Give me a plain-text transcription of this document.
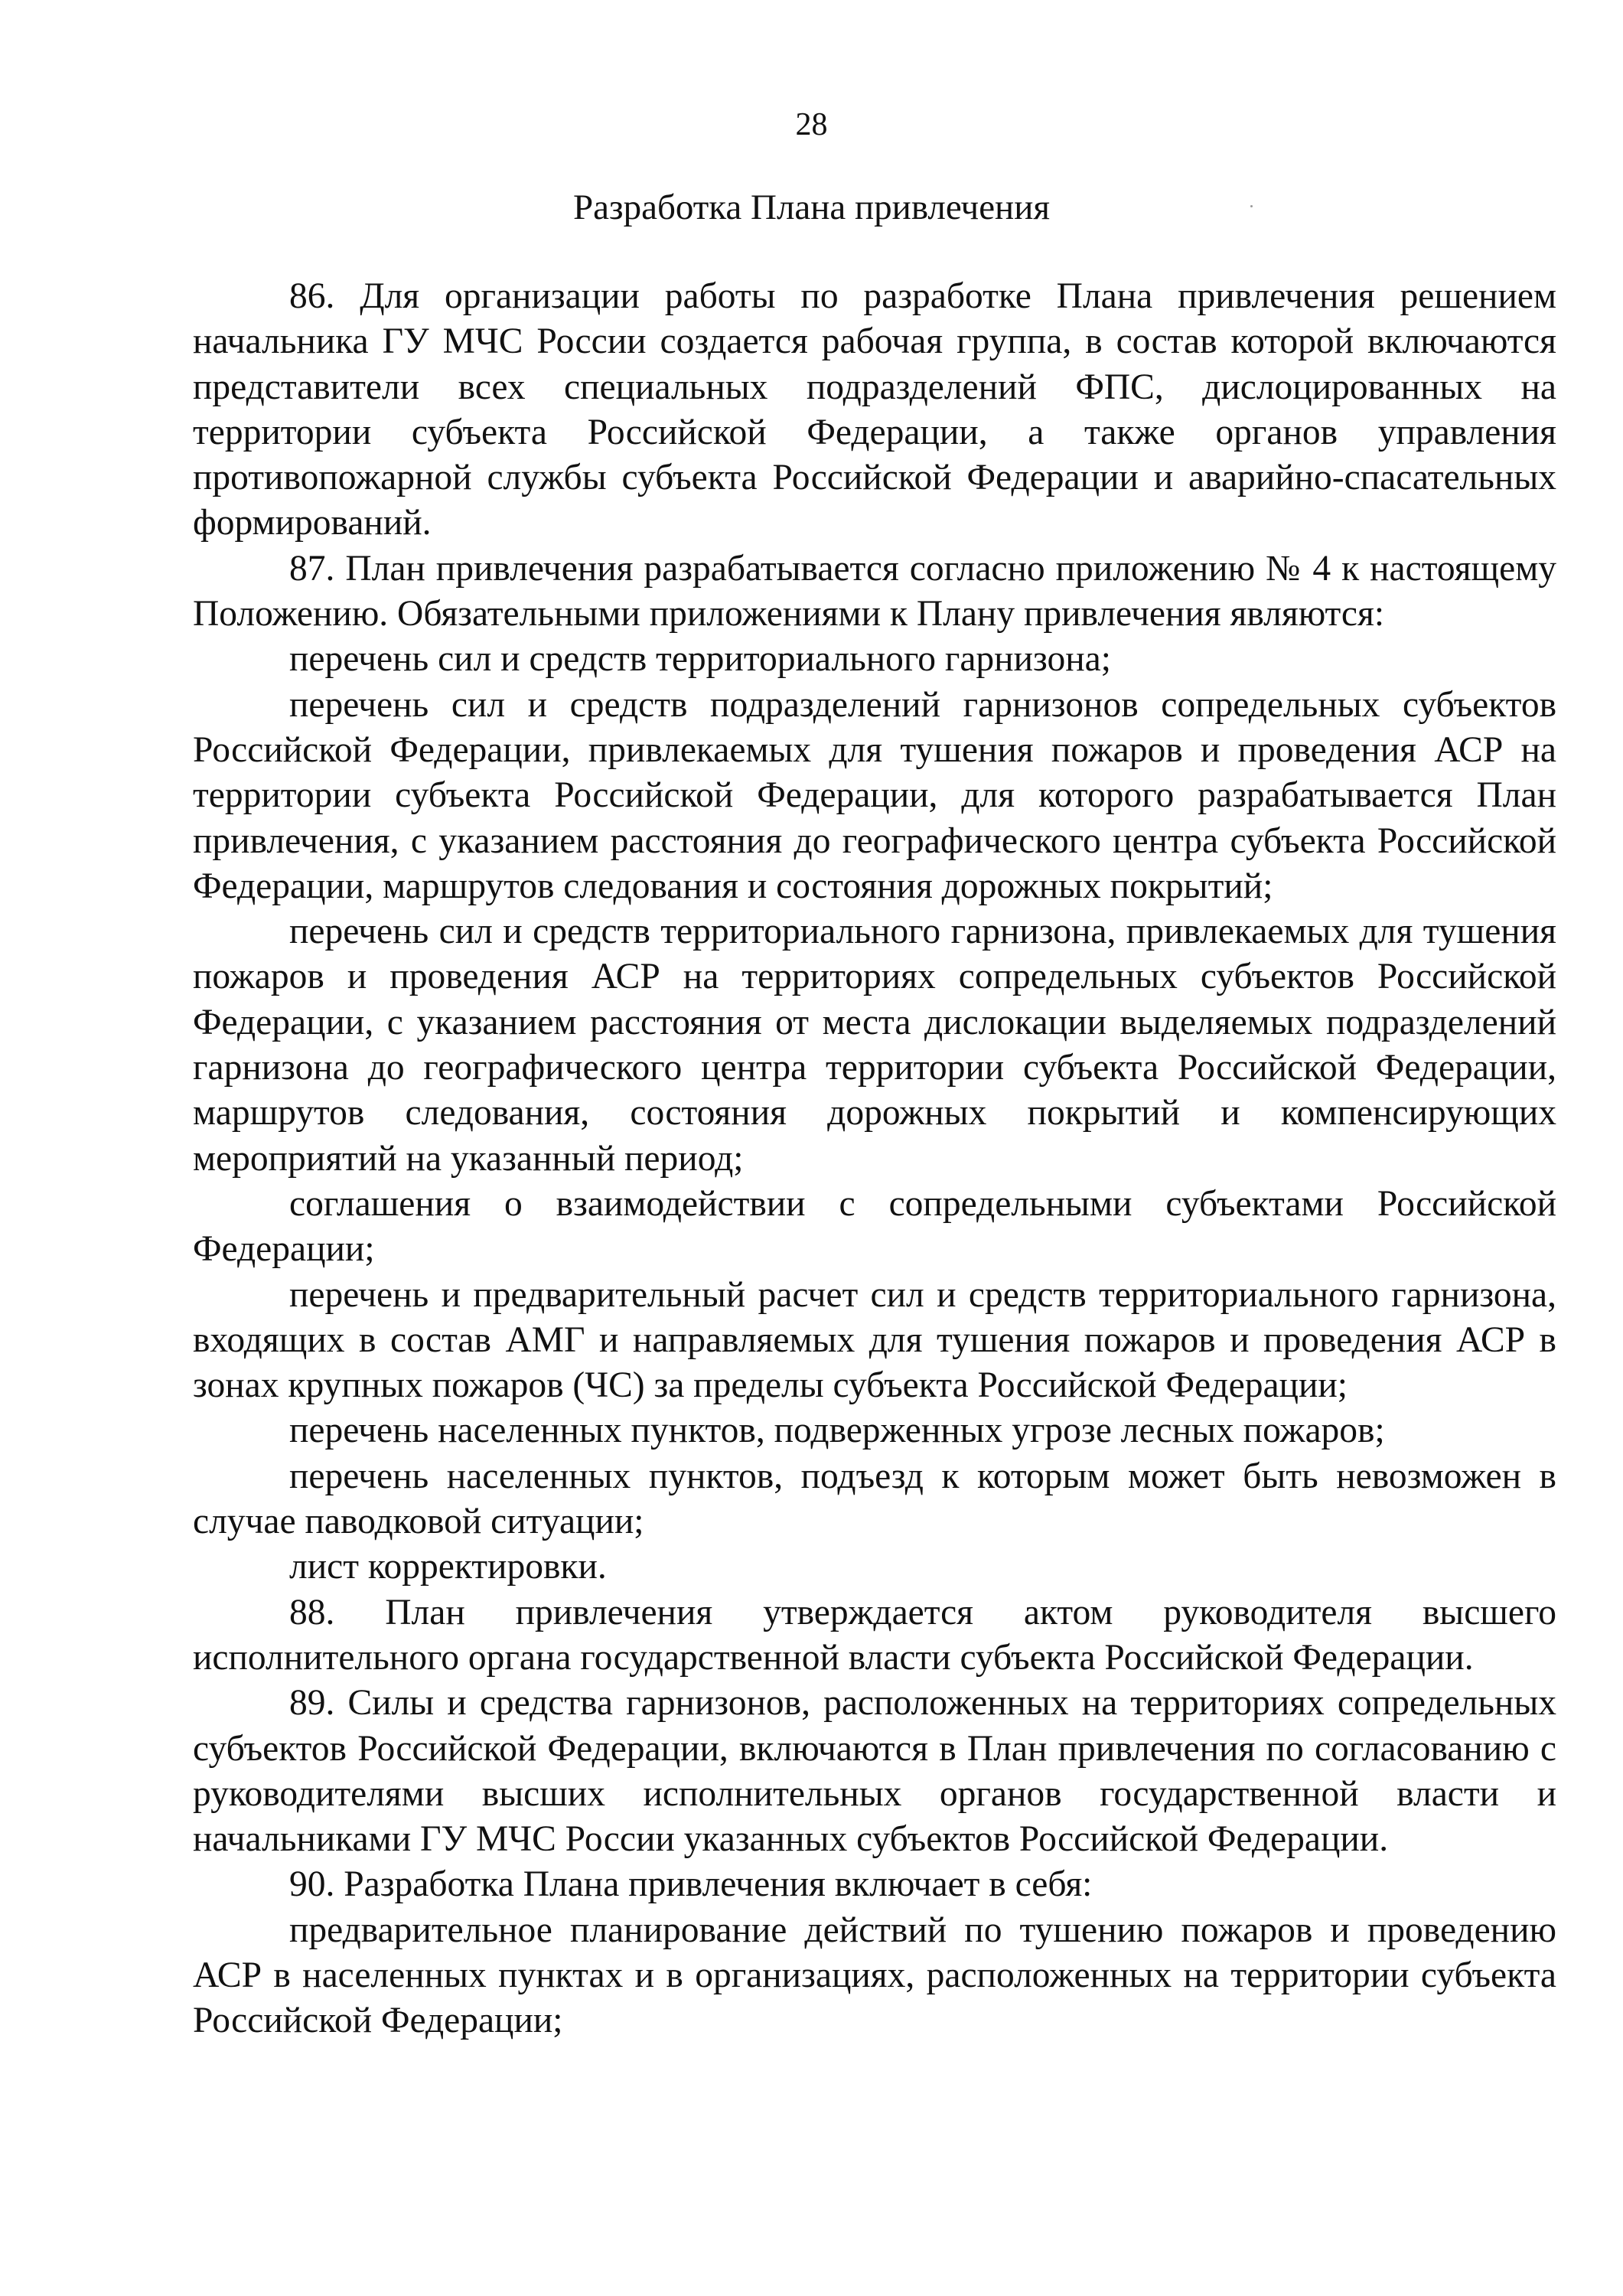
28
Разработка Плана привлечения

86. Для организации работы по разработке Плана привлечения решением начальника ГУ МЧС России создается рабочая группа, в состав которой включаются представители всех специальных подразделений ФПС, дислоцированных на территории субъекта Российской Федерации, а также органов управления противопожарной службы субъекта Российской Федерации и аварийно-спасательных формирований.

87. План привлечения разрабатывается согласно приложению № 4 к настоящему Положению. Обязательными приложениями к Плану привлечения являются:

перечень сил и средств территориального гарнизона;

перечень сил и средств подразделений гарнизонов сопредельных субъектов Российской Федерации, привлекаемых для тушения пожаров и проведения АСР на территории субъекта Российской Федерации, для которого разрабатывается План привлечения, с указанием расстояния до географического центра субъекта Российской Федерации, маршрутов следования и состояния дорожных покрытий;

перечень сил и средств территориального гарнизона, привлекаемых для тушения пожаров и проведения АСР на территориях сопредельных субъектов Российской Федерации, с указанием расстояния от места дислокации выделяемых подразделений гарнизона до географического центра территории субъекта Российской Федерации, маршрутов следования, состояния дорожных покрытий и компенсирующих мероприятий на указанный период;

соглашения о взаимодействии с сопредельными субъектами Российской Федерации;

перечень и предварительный расчет сил и средств территориального гарнизона, входящих в состав АМГ и направляемых для тушения пожаров и проведения АСР в зонах крупных пожаров (ЧС) за пределы субъекта Российской Федерации;

перечень населенных пунктов, подверженных угрозе лесных пожаров;

перечень населенных пунктов, подъезд к которым может быть невозможен в случае паводковой ситуации;

лист корректировки.

88. План привлечения утверждается актом руководителя высшего исполнительного органа государственной власти субъекта Российской Федерации.

89. Силы и средства гарнизонов, расположенных на территориях сопредельных субъектов Российской Федерации, включаются в План привлечения по согласованию с руководителями высших исполнительных органов государственной власти и начальниками ГУ МЧС России указанных субъектов Российской Федерации.

90. Разработка Плана привлечения включает в себя:

предварительное планирование действий по тушению пожаров и проведению АСР в населенных пунктах и в организациях, расположенных на территории субъекта Российской Федерации;
